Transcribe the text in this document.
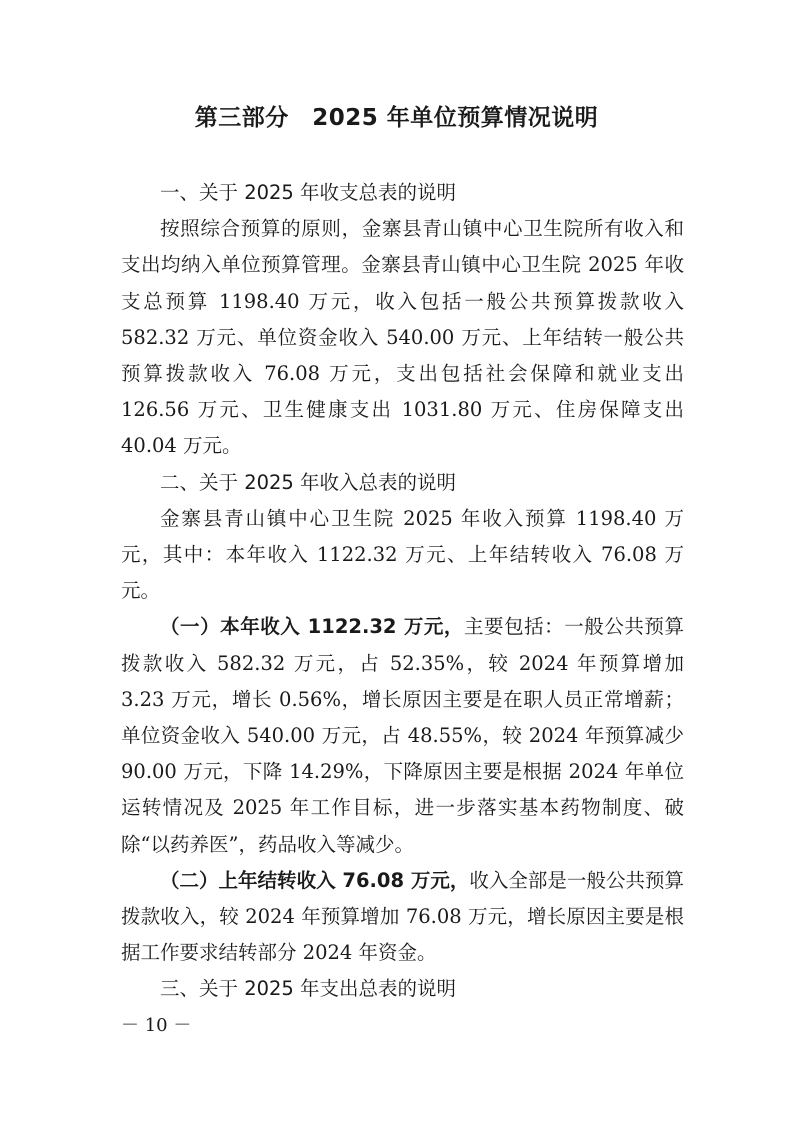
第三部分　2025 年单位预算情况说明

一、关于 2025 年收支总表的说明

按照综合预算的原则，金寨县青山镇中心卫生院所有收入和支出均纳入单位预算管理。金寨县青山镇中心卫生院 2025 年收支总预算 1198.40 万元，收入包括一般公共预算拨款收入 582.32 万元、单位资金收入 540.00 万元、上年结转一般公共预算拨款收入 76.08 万元，支出包括社会保障和就业支出 126.56 万元、卫生健康支出 1031.80 万元、住房保障支出 40.04 万元。

二、关于 2025 年收入总表的说明

金寨县青山镇中心卫生院 2025 年收入预算 1198.40 万元，其中：本年收入 1122.32 万元、上年结转收入 76.08 万元。

（一）本年收入 1122.32 万元，主要包括：一般公共预算拨款收入 582.32 万元，占 52.35%，较 2024 年预算增加 3.23 万元，增长 0.56%，增长原因主要是在职人员正常增薪；单位资金收入 540.00 万元，占 48.55%，较 2024 年预算减少 90.00 万元，下降 14.29%，下降原因主要是根据 2024 年单位运转情况及 2025 年工作目标，进一步落实基本药物制度、破除“以药养医”，药品收入等减少。

（二）上年结转收入 76.08 万元，收入全部是一般公共预算拨款收入，较 2024 年预算增加 76.08 万元，增长原因主要是根据工作要求结转部分 2024 年资金。

三、关于 2025 年支出总表的说明

－ 10 －
